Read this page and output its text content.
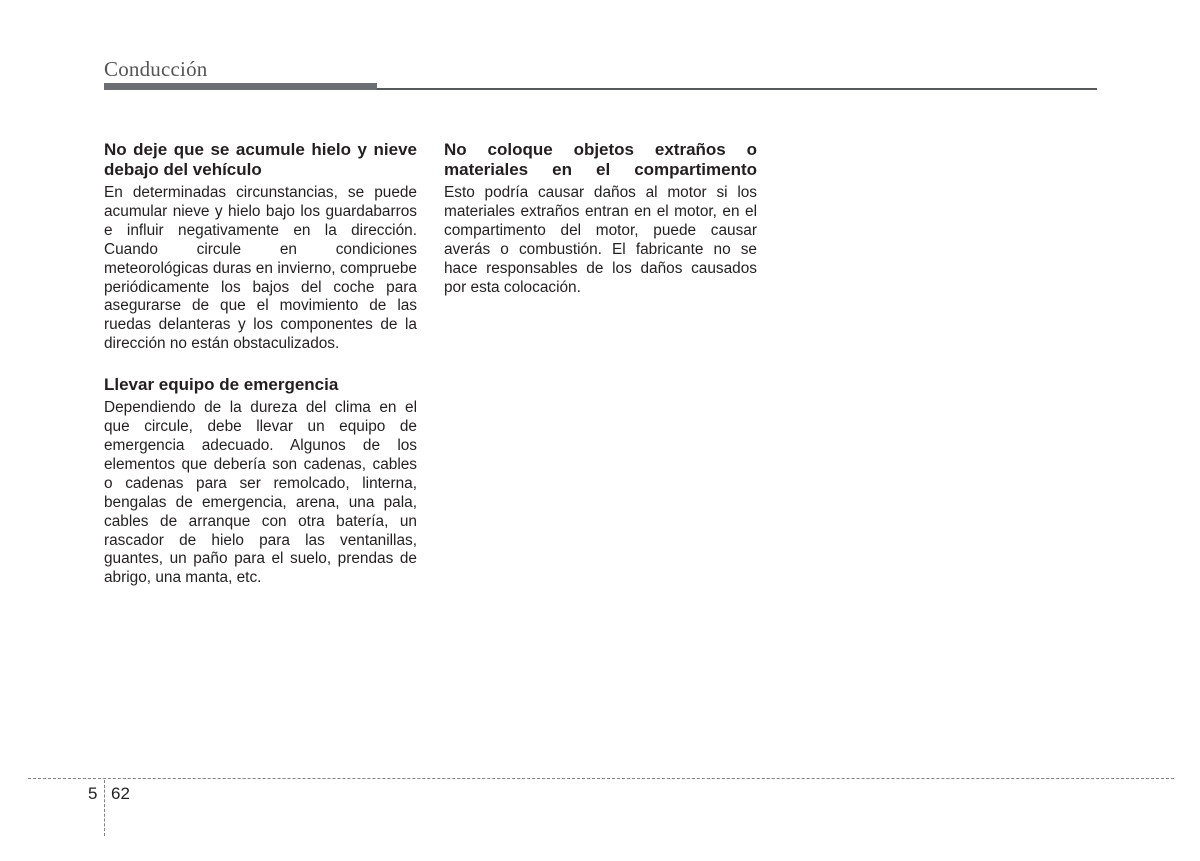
Conducción
No deje que se acumule hielo y nieve debajo del vehículo

En determinadas circunstancias, se puede acumular nieve y hielo bajo los guardabarros e influir negativamente en la dirección. Cuando circule en condiciones meteorológicas duras en invierno, compruebe periódicamente los bajos del coche para asegurarse de que el movimiento de las ruedas delanteras y los componentes de la dirección no están obstaculizados.

Llevar equipo de emergencia

Dependiendo de la dureza del clima en el que circule, debe llevar un equipo de emergencia adecuado. Algunos de los elementos que debería son cadenas, cables o cadenas para ser remolcado, linterna, bengalas de emergencia, arena, una pala, cables de arranque con otra batería, un rascador de hielo para las ventanillas, guantes, un paño para el suelo, prendas de abrigo, una manta, etc.

No coloque objetos extraños o materiales en el compartimento

Esto podría causar daños al motor si los materiales extraños entran en el motor, en el compartimento del motor, puede causar averás o combustión. El fabricante no se hace responsables de los daños causados por esta colocación.

5 62
